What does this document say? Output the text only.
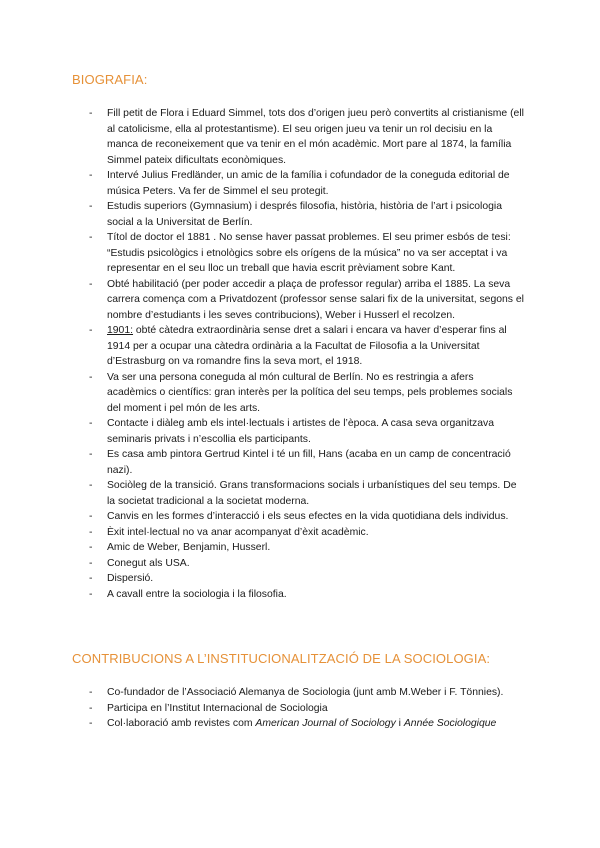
BIOGRAFIA:
- Fill petit de Flora i Eduard Simmel, tots dos d’origen jueu però convertits al cristianisme (ell al catolicisme, ella al protestantisme). El seu origen jueu va tenir un rol decisiu en la manca de reconeixement que va tenir en el món acadèmic. Mort pare al 1874, la família Simmel pateix dificultats econòmiques.
- Intervé Julius Fredländer, un amic de la família i cofundador de la coneguda editorial de música Peters. Va fer de Simmel el seu protegit.
- Estudis superiors (Gymnasium) i després filosofia, història, història de l’art i psicologia social a la Universitat de Berlín.
- Títol de doctor el 1881 . No sense haver passat problemes. El seu primer esbós de tesi: “Estudis psicològics i etnològics sobre els orígens de la música” no va ser acceptat i va representar en el seu lloc un treball que havia escrit prèviament sobre Kant.
- Obté habilitació (per poder accedir a plaça de professor regular) arriba el 1885. La seva carrera comença com a Privatdozent (professor sense salari fix de la universitat, segons el nombre d’estudiants i les seves contribucions), Weber i Husserl el recolzen.
- 1901: obté càtedra extraordinària sense dret a salari i encara va haver d’esperar fins al 1914 per a ocupar una càtedra ordinària a la Facultat de Filosofia a la Universitat d’Estrasburg on va romandre fins la seva mort, el 1918.
- Va ser una persona coneguda al món cultural de Berlín. No es restringia a afers acadèmics o científics: gran interès per la política del seu temps, pels problemes socials del moment i pel món de les arts.
- Contacte i diàleg amb els intel·lectuals i artistes de l’època. A casa seva organitzava seminaris privats i n’escollia els participants.
- Es casa amb pintora Gertrud Kintel i té un fill, Hans (acaba en un camp de concentració nazi).
- Sociòleg de la transició. Grans transformacions socials i urbanístiques del seu temps. De la societat tradicional a la societat moderna.
- Canvis en les formes d’interacció i els seus efectes en la vida quotidiana dels individus.
- Èxit intel·lectual no va anar acompanyat d’èxit acadèmic.
- Amic de Weber, Benjamin, Husserl.
- Conegut als USA.
- Dispersió.
- A cavall entre la sociologia i la filosofia.
CONTRIBUCIONS A L’INSTITUCIONALITZACIÓ DE LA SOCIOLOGIA:
- Co-fundador de l’Associació Alemanya de Sociologia (junt amb M.Weber i F. Tönnies).
- Participa en l’Institut Internacional de Sociologia
- Col·laboració amb revistes com American Journal of Sociology i Année Sociologique
